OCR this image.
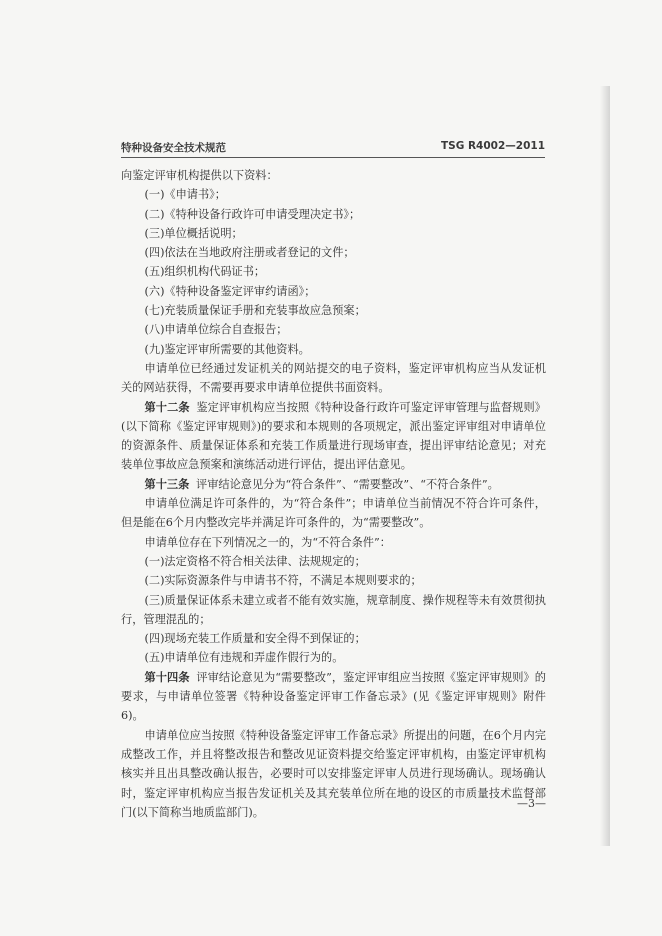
特种设备安全技术规范	TSG R4002—2011

向鉴定评审机构提供以下资料：

(一)《申请书》；

(二)《特种设备行政许可申请受理决定书》；

(三)单位概括说明；

(四)依法在当地政府注册或者登记的文件；

(五)组织机构代码证书；

(六)《特种设备鉴定评审约请函》；

(七)充装质量保证手册和充装事故应急预案；

(八)申请单位综合自查报告；

(九)鉴定评审所需要的其他资料。

申请单位已经通过发证机关的网站提交的电子资料，鉴定评审机构应当从发证机关的网站获得，不需要再要求申请单位提供书面资料。

第十二条 鉴定评审机构应当按照《特种设备行政许可鉴定评审管理与监督规则》(以下简称《鉴定评审规则》)的要求和本规则的各项规定，派出鉴定评审组对申请单位的资源条件、质量保证体系和充装工作质量进行现场审查，提出评审结论意见；对充装单位事故应急预案和演练活动进行评估，提出评估意见。

第十三条 评审结论意见分为“符合条件”、“需要整改”、“不符合条件”。

申请单位满足许可条件的，为“符合条件”；申请单位当前情况不符合许可条件，但是能在6个月内整改完毕并满足许可条件的，为“需要整改”。

申请单位存在下列情况之一的，为“不符合条件”：

(一)法定资格不符合相关法律、法规规定的；

(二)实际资源条件与申请书不符，不满足本规则要求的；

(三)质量保证体系未建立或者不能有效实施，规章制度、操作规程等未有效贯彻执行，管理混乱的；

(四)现场充装工作质量和安全得不到保证的；

(五)申请单位有违规和弄虚作假行为的。

第十四条 评审结论意见为“需要整改”，鉴定评审组应当按照《鉴定评审规则》的要求，与申请单位签署《特种设备鉴定评审工作备忘录》(见《鉴定评审规则》附件6)。

申请单位应当按照《特种设备鉴定评审工作备忘录》所提出的问题，在6个月内完成整改工作，并且将整改报告和整改见证资料提交给鉴定评审机构，由鉴定评审机构核实并且出具整改确认报告，必要时可以安排鉴定评审人员进行现场确认。现场确认时，鉴定评审机构应当报告发证机关及其充装单位所在地的设区的市质量技术监督部门(以下简称当地质监部门)。

—3—
